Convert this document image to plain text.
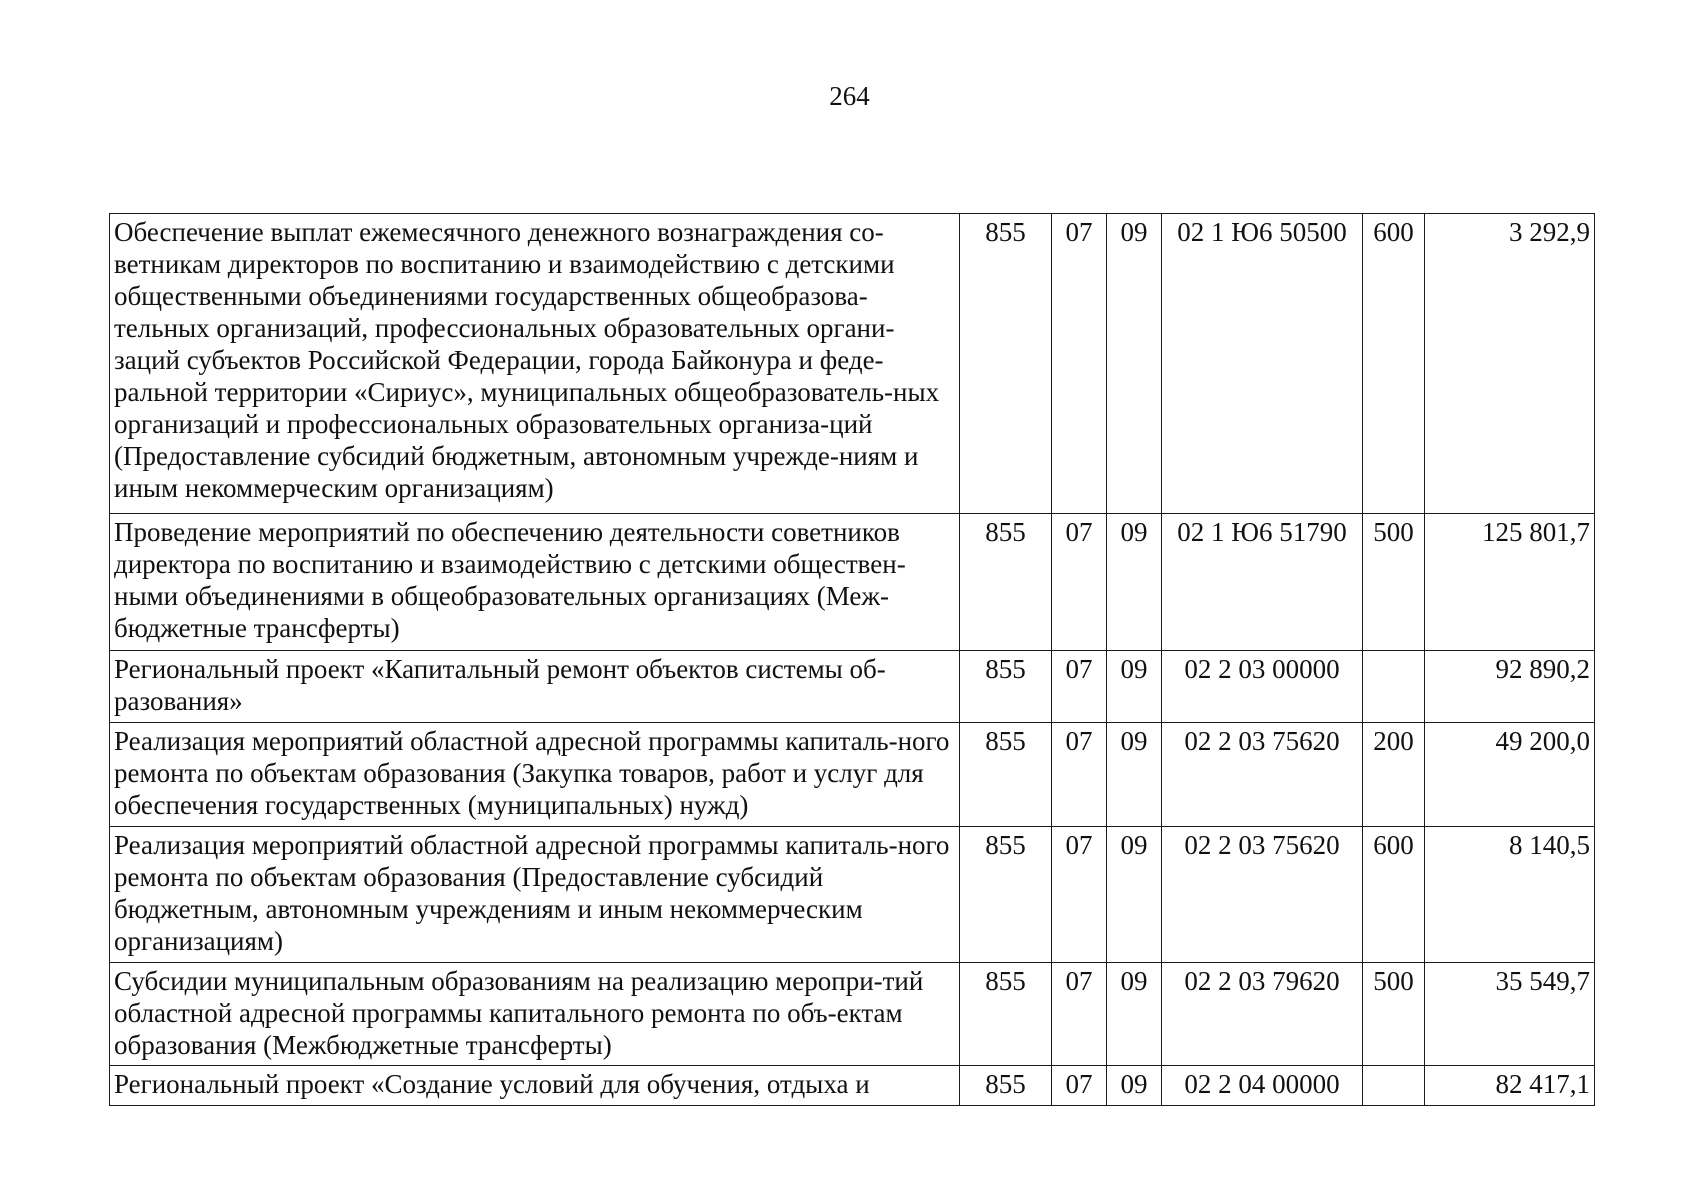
264
Обеспечение выплат ежемесячного денежного вознаграждения со-ветникам директоров по воспитанию и взаимодействию с детскими общественными объединениями государственных общеобразова-тельных организаций, профессиональных образовательных органи-заций субъектов Российской Федерации, города Байконура и феде-ральной территории «Сириус», муниципальных общеобразователь-ных организаций и профессиональных образовательных организа-ций (Предоставление субсидий бюджетным, автономным учрежде-ниям и иным некоммерческим организациям)	855	07	09	02 1 Ю6 50500	600	3 292,9
Проведение мероприятий по обеспечению деятельности советников директора по воспитанию и взаимодействию с детскими обществен-ными объединениями в общеобразовательных организациях (Меж-бюджетные трансферты)	855	07	09	02 1 Ю6 51790	500	125 801,7
Региональный проект «Капитальный ремонт объектов системы об-разования»	855	07	09	02 2 03 00000		92 890,2
Реализация мероприятий областной адресной программы капиталь-ного ремонта по объектам образования (Закупка товаров, работ и услуг для обеспечения государственных (муниципальных) нужд)	855	07	09	02 2 03 75620	200	49 200,0
Реализация мероприятий областной адресной программы капиталь-ного ремонта по объектам образования (Предоставление субсидий бюджетным, автономным учреждениям и иным некоммерческим организациям)	855	07	09	02 2 03 75620	600	8 140,5
Субсидии муниципальным образованиям на реализацию меропри-тий областной адресной программы капитального ремонта по объ-ектам образования (Межбюджетные трансферты)	855	07	09	02 2 03 79620	500	35 549,7
Региональный проект «Создание условий для обучения, отдыха и	855	07	09	02 2 04 00000		82 417,1
